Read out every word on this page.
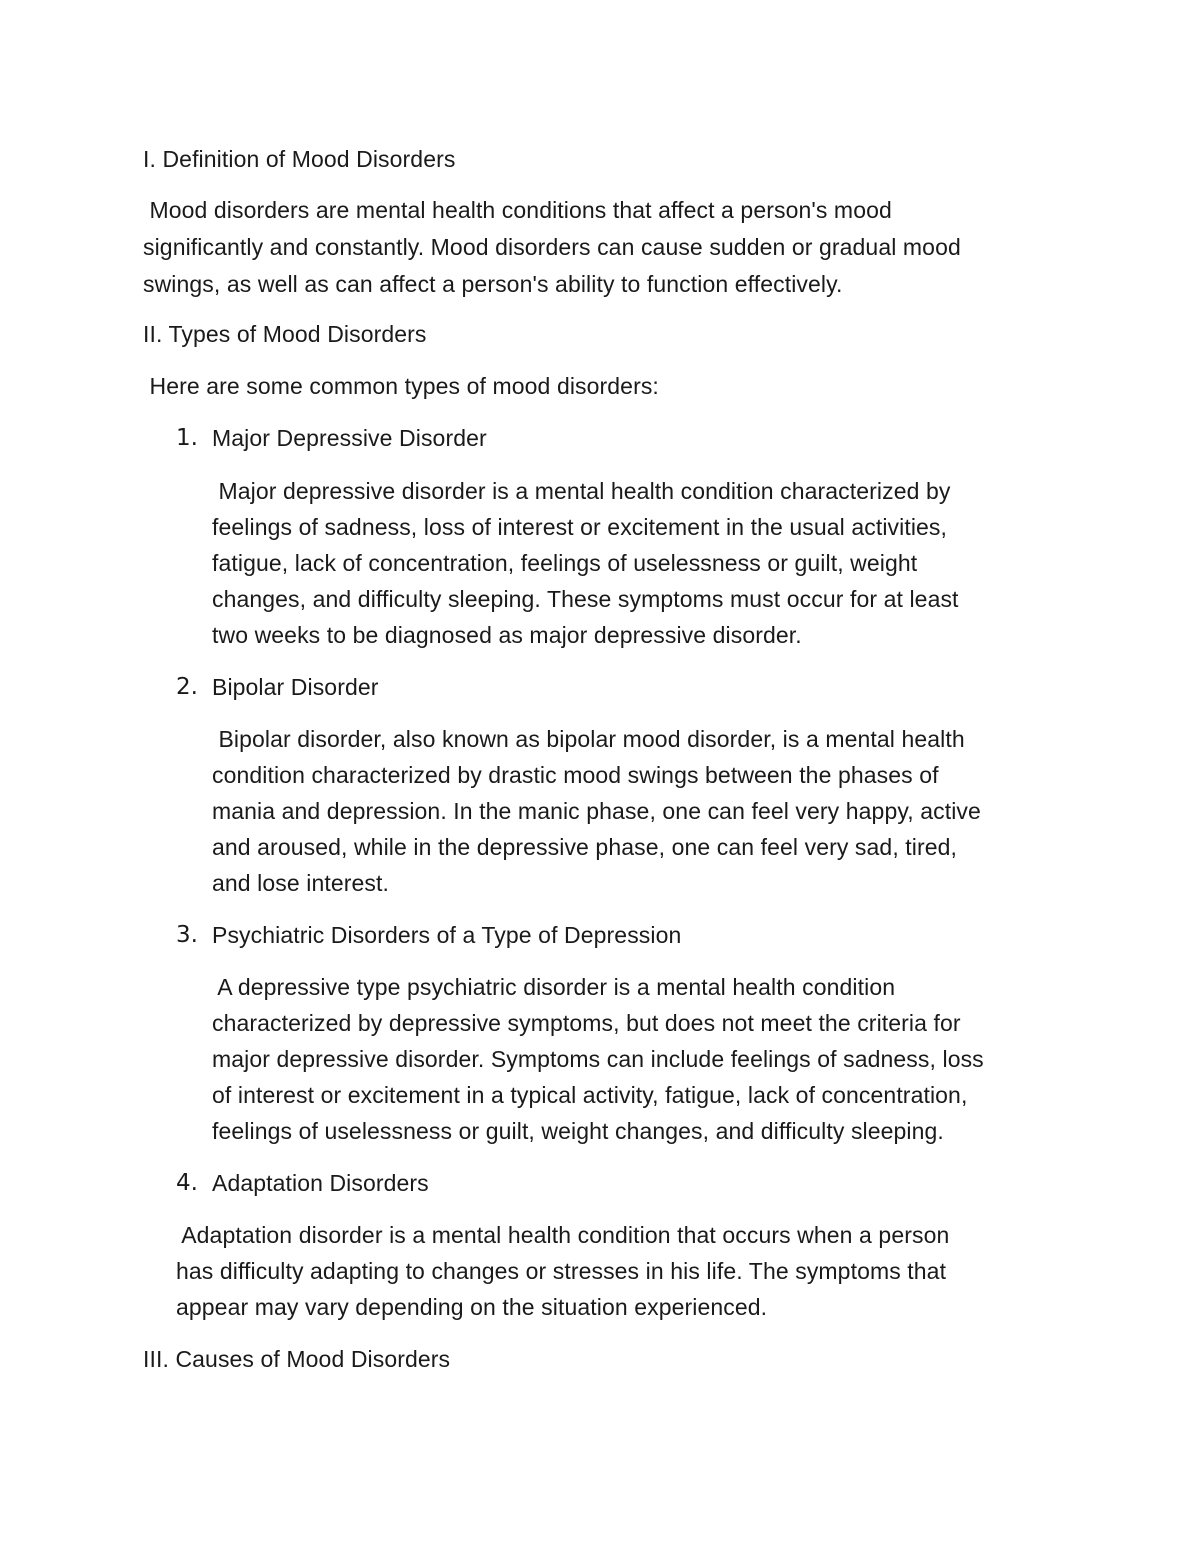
I. Definition of Mood Disorders
Mood disorders are mental health conditions that affect a person's mood
significantly and constantly. Mood disorders can cause sudden or gradual mood
swings, as well as can affect a person's ability to function effectively.
II. Types of Mood Disorders
Here are some common types of mood disorders:
1. Major Depressive Disorder
Major depressive disorder is a mental health condition characterized by
feelings of sadness, loss of interest or excitement in the usual activities,
fatigue, lack of concentration, feelings of uselessness or guilt, weight
changes, and difficulty sleeping. These symptoms must occur for at least
two weeks to be diagnosed as major depressive disorder.
2. Bipolar Disorder
Bipolar disorder, also known as bipolar mood disorder, is a mental health
condition characterized by drastic mood swings between the phases of
mania and depression. In the manic phase, one can feel very happy, active
and aroused, while in the depressive phase, one can feel very sad, tired,
and lose interest.
3. Psychiatric Disorders of a Type of Depression
A depressive type psychiatric disorder is a mental health condition
characterized by depressive symptoms, but does not meet the criteria for
major depressive disorder. Symptoms can include feelings of sadness, loss
of interest or excitement in a typical activity, fatigue, lack of concentration,
feelings of uselessness or guilt, weight changes, and difficulty sleeping.
4. Adaptation Disorders
Adaptation disorder is a mental health condition that occurs when a person
has difficulty adapting to changes or stresses in his life. The symptoms that
appear may vary depending on the situation experienced.
III. Causes of Mood Disorders
